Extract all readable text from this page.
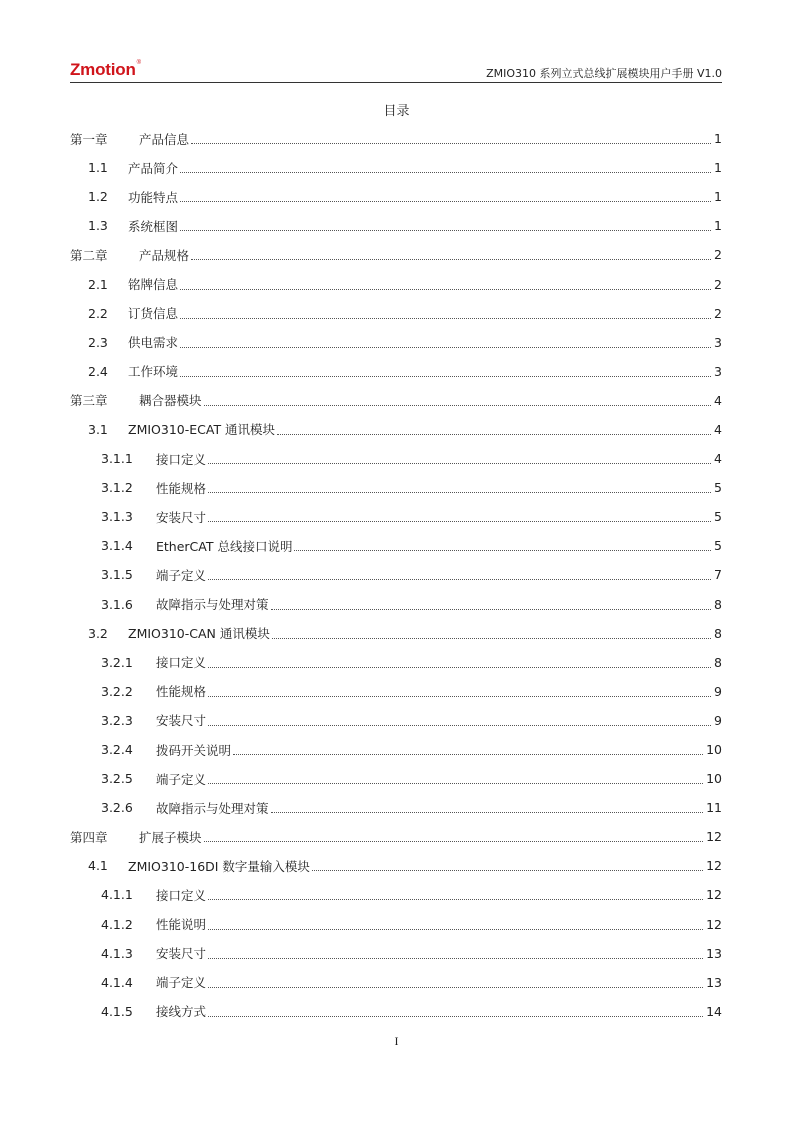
Zmotion®
ZMIO310 系列立式总线扩展模块用户手册 V1.0
目录
第一章	产品信息	1
1.1	产品简介	1
1.2	功能特点	1
1.3	系统框图	1
第二章	产品规格	2
2.1	铭牌信息	2
2.2	订货信息	2
2.3	供电需求	3
2.4	工作环境	3
第三章	耦合器模块	4
3.1	ZMIO310-ECAT 通讯模块	4
3.1.1	接口定义	4
3.1.2	性能规格	5
3.1.3	安装尺寸	5
3.1.4	EtherCAT 总线接口说明	5
3.1.5	端子定义	7
3.1.6	故障指示与处理对策	8
3.2	ZMIO310-CAN 通讯模块	8
3.2.1	接口定义	8
3.2.2	性能规格	9
3.2.3	安装尺寸	9
3.2.4	拨码开关说明	10
3.2.5	端子定义	10
3.2.6	故障指示与处理对策	11
第四章	扩展子模块	12
4.1	ZMIO310-16DI 数字量输入模块	12
4.1.1	接口定义	12
4.1.2	性能说明	12
4.1.3	安装尺寸	13
4.1.4	端子定义	13
4.1.5	接线方式	14
I
